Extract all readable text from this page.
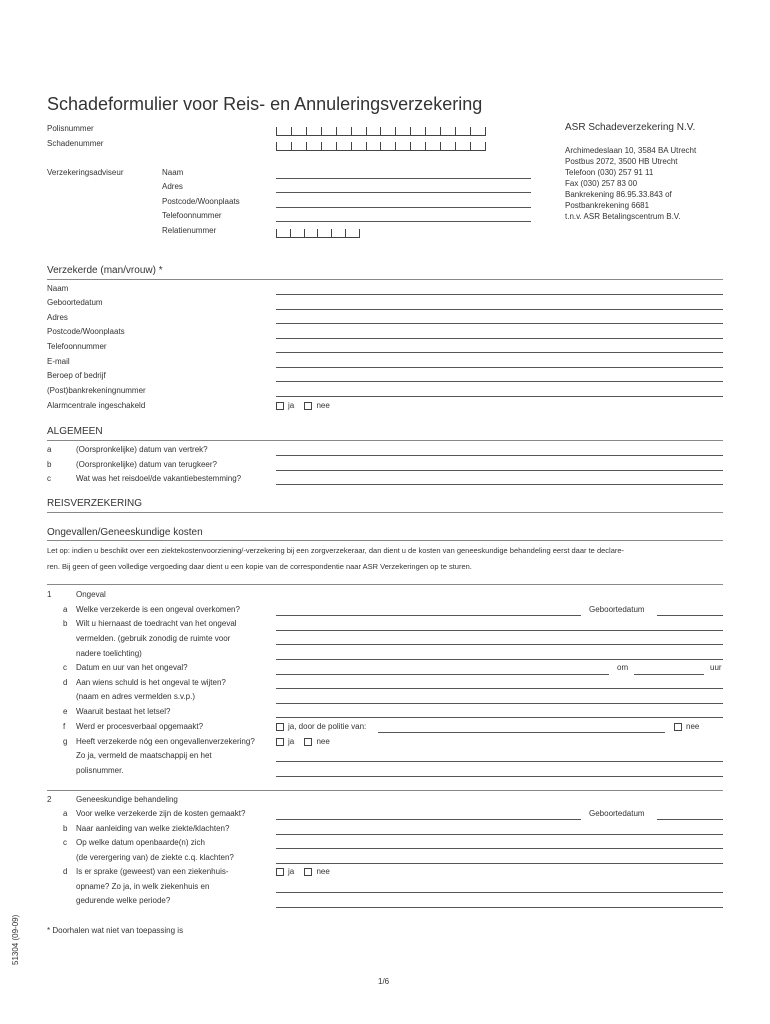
Schadeformulier voor Reis- en Annuleringsverzekering
Polisnummer
Schadenummer
Verzekeringsadviseur	Naam
Adres
Postcode/Woonplaats
Telefoonnummer
Relatienummer
ASR Schadeverzekering N.V.
Archimedeslaan 10, 3584 BA Utrecht
Postbus 2072, 3500 HB Utrecht
Telefoon (030) 257 91 11
Fax (030) 257 83 00
Bankrekening 86.95.33.843 of
Postbankrekening 6681
t.n.v. ASR Betalingscentrum B.V.
Verzekerde (man/vrouw) *
Naam
Geboortedatum
Adres
Postcode/Woonplaats
Telefoonnummer
E-mail
Beroep of bedrijf
(Post)bankrekeningnummer
Alarmcentrale ingeschakeld	ja	nee
ALGEMEEN
a	(Oorspronkelijke) datum van vertrek?
b	(Oorspronkelijke) datum van terugkeer?
c	Wat was het reisdoel/de vakantiebestemming?
REISVERZEKERING
Ongevallen/Geneeskundige kosten
Let op: indien u beschikt over een ziektekostenvoorziening/-verzekering bij een zorgverzekeraar, dan dient u de kosten van geneeskundige behandeling eerst daar te declare-
ren. Bij geen of geen volledige vergoeding daar dient u een kopie van de correspondentie naar ASR Verzekeringen op te sturen.
1	Ongeval
a Welke verzekerde is een ongeval overkomen?	Geboortedatum
b Wilt u hiernaast de toedracht van het ongeval
vermelden. (gebruik zonodig de ruimte voor
nadere toelichting)
c Datum en uur van het ongeval?	om	uur
d Aan wiens schuld is het ongeval te wijten?
(naam en adres vermelden s.v.p.)
e Waaruit bestaat het letsel?
f Werd er procesverbaal opgemaakt?	ja, door de politie van:	nee
g Heeft verzekerde nóg een ongevallenverzekering?	ja	nee
Zo ja, vermeld de maatschappij en het
polisnummer.
2	Geneeskundige behandeling
a Voor welke verzekerde zijn de kosten gemaakt?	Geboortedatum
b Naar aanleiding van welke ziekte/klachten?
c Op welke datum openbaarde(n) zich
(de verergering van) de ziekte c.q. klachten?
d Is er sprake (geweest) van een ziekenhuis-	ja	nee
opname? Zo ja, in welk ziekenhuis en
gedurende welke periode?
* Doorhalen wat niet van toepassing is
1/6
51304 (09-09)
